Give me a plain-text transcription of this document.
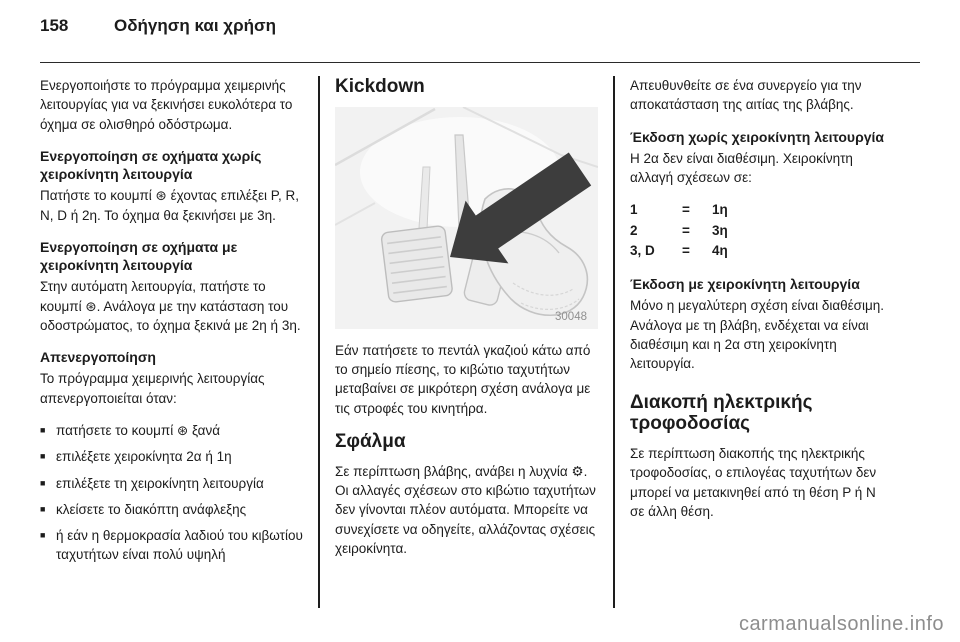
158	Οδήγηση και χρήση

Ενεργοποιήστε το πρόγραμμα χειμερινής λειτουργίας για να ξεκινήσει ευκολότερα το όχημα σε ολισθηρό οδόστρωμα.

Ενεργοποίηση σε οχήματα χωρίς χειροκίνητη λειτουργία

Πατήστε το κουμπί ⊛ έχοντας επιλέξει P, R, N, D ή 2η. Το όχημα θα ξεκινήσει με 3η.

Ενεργοποίηση σε οχήματα με χειροκίνητη λειτουργία

Στην αυτόματη λειτουργία, πατήστε το κουμπί ⊛. Ανάλογα με την κατάσταση του οδοστρώματος, το όχημα ξεκινά με 2η ή 3η.

Απενεργοποίηση

Το πρόγραμμα χειμερινής λειτουργίας απενεργοποιείται όταν:

■ πατήσετε το κουμπί ⊛ ξανά
■ επιλέξετε χειροκίνητα 2α ή 1η
■ επιλέξετε τη χειροκίνητη λειτουργία
■ κλείσετε το διακόπτη ανάφλεξης
■ ή εάν η θερμοκρασία λαδιού του κιβωτίου ταχυτήτων είναι πολύ υψηλή
Kickdown
30048

Εάν πατήσετε το πεντάλ γκαζιού κάτω από το σημείο πίεσης, το κιβώτιο ταχυτήτων μεταβαίνει σε μικρότερη σχέση ανάλογα με τις στροφές του κινητήρα.

Σφάλμα

Σε περίπτωση βλάβης, ανάβει η λυχνία ⚙. Οι αλλαγές σχέσεων στο κιβώτιο ταχυτήτων δεν γίνονται πλέον αυτόματα. Μπορείτε να συνεχίσετε να οδηγείτε, αλλάζοντας σχέσεις χειροκίνητα.

Απευθυνθείτε σε ένα συνεργείο για την αποκατάσταση της αιτίας της βλάβης.

Έκδοση χωρίς χειροκίνητη λειτουργία

Η 2α δεν είναι διαθέσιμη. Χειροκίνητη αλλαγή σχέσεων σε:

1	=	1η
2	=	3η
3, D	=	4η
Έκδοση με χειροκίνητη λειτουργία

Μόνο η μεγαλύτερη σχέση είναι διαθέσιμη. Ανάλογα με τη βλάβη, ενδέχεται να είναι διαθέσιμη και η 2α στη χειροκίνητη λειτουργία.

Διακοπή ηλεκτρικής τροφοδοσίας

Σε περίπτωση διακοπής της ηλεκτρικής τροφοδοσίας, ο επιλογέας ταχυτήτων δεν μπορεί να μετακινηθεί από τη θέση P ή N σε άλλη θέση.

carmanualsonline.info
